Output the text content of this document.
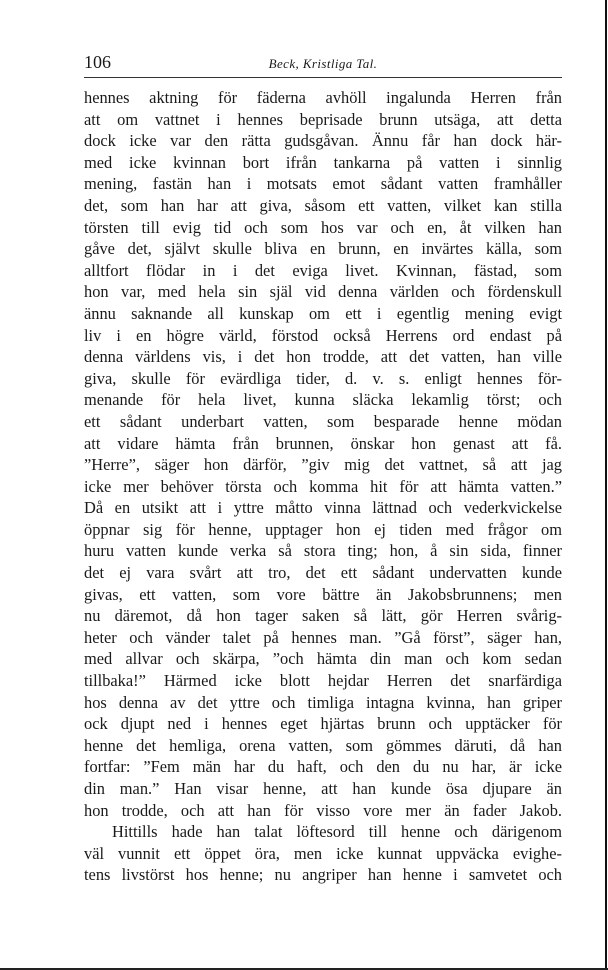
106	Beck, Kristliga Tal.
hennes aktning för fäderna avhöll ingalunda Herren från
att om vattnet i hennes beprisade brunn utsäga, att detta
dock icke var den rätta gudsgåvan. Ännu får han dock här-
med icke kvinnan bort ifrån tankarna på vatten i sinnlig
mening, fastän han i motsats emot sådant vatten framhåller
det, som han har att giva, såsom ett vatten, vilket kan stilla
törsten till evig tid och som hos var och en, åt vilken han
gåve det, självt skulle bliva en brunn, en invärtes källa, som
alltfort flödar in i det eviga livet. Kvinnan, fästad, som
hon var, med hela sin själ vid denna världen och fördenskull
ännu saknande all kunskap om ett i egentlig mening evigt
liv i en högre värld, förstod också Herrens ord endast på
denna världens vis, i det hon trodde, att det vatten, han ville
giva, skulle för evärdliga tider, d. v. s. enligt hennes för-
menande för hela livet, kunna släcka lekamlig törst; och
ett sådant underbart vatten, som besparade henne mödan
att vidare hämta från brunnen, önskar hon genast att få.
”Herre”, säger hon därför, ”giv mig det vattnet, så att jag
icke mer behöver törsta och komma hit för att hämta vatten.”
Då en utsikt att i yttre måtto vinna lättnad och vederkvickelse
öppnar sig för henne, upptager hon ej tiden med frågor om
huru vatten kunde verka så stora ting; hon, å sin sida, finner
det ej vara svårt att tro, det ett sådant undervatten kunde
givas, ett vatten, som vore bättre än Jakobsbrunnens; men
nu däremot, då hon tager saken så lätt, gör Herren svårig-
heter och vänder talet på hennes man. ”Gå först”, säger han,
med allvar och skärpa, ”och hämta din man och kom sedan
tillbaka!” Härmed icke blott hejdar Herren det snarfärdiga
hos denna av det yttre och timliga intagna kvinna, han griper
ock djupt ned i hennes eget hjärtas brunn och upptäcker för
henne det hemliga, orena vatten, som gömmes däruti, då han
fortfar: ”Fem män har du haft, och den du nu har, är icke
din man.” Han visar henne, att han kunde ösa djupare än
hon trodde, och att han för visso vore mer än fader Jakob.
Hittills hade han talat löftesord till henne och därigenom
väl vunnit ett öppet öra, men icke kunnat uppväcka evighe-
tens livstörst hos henne; nu angriper han henne i samvetet och
